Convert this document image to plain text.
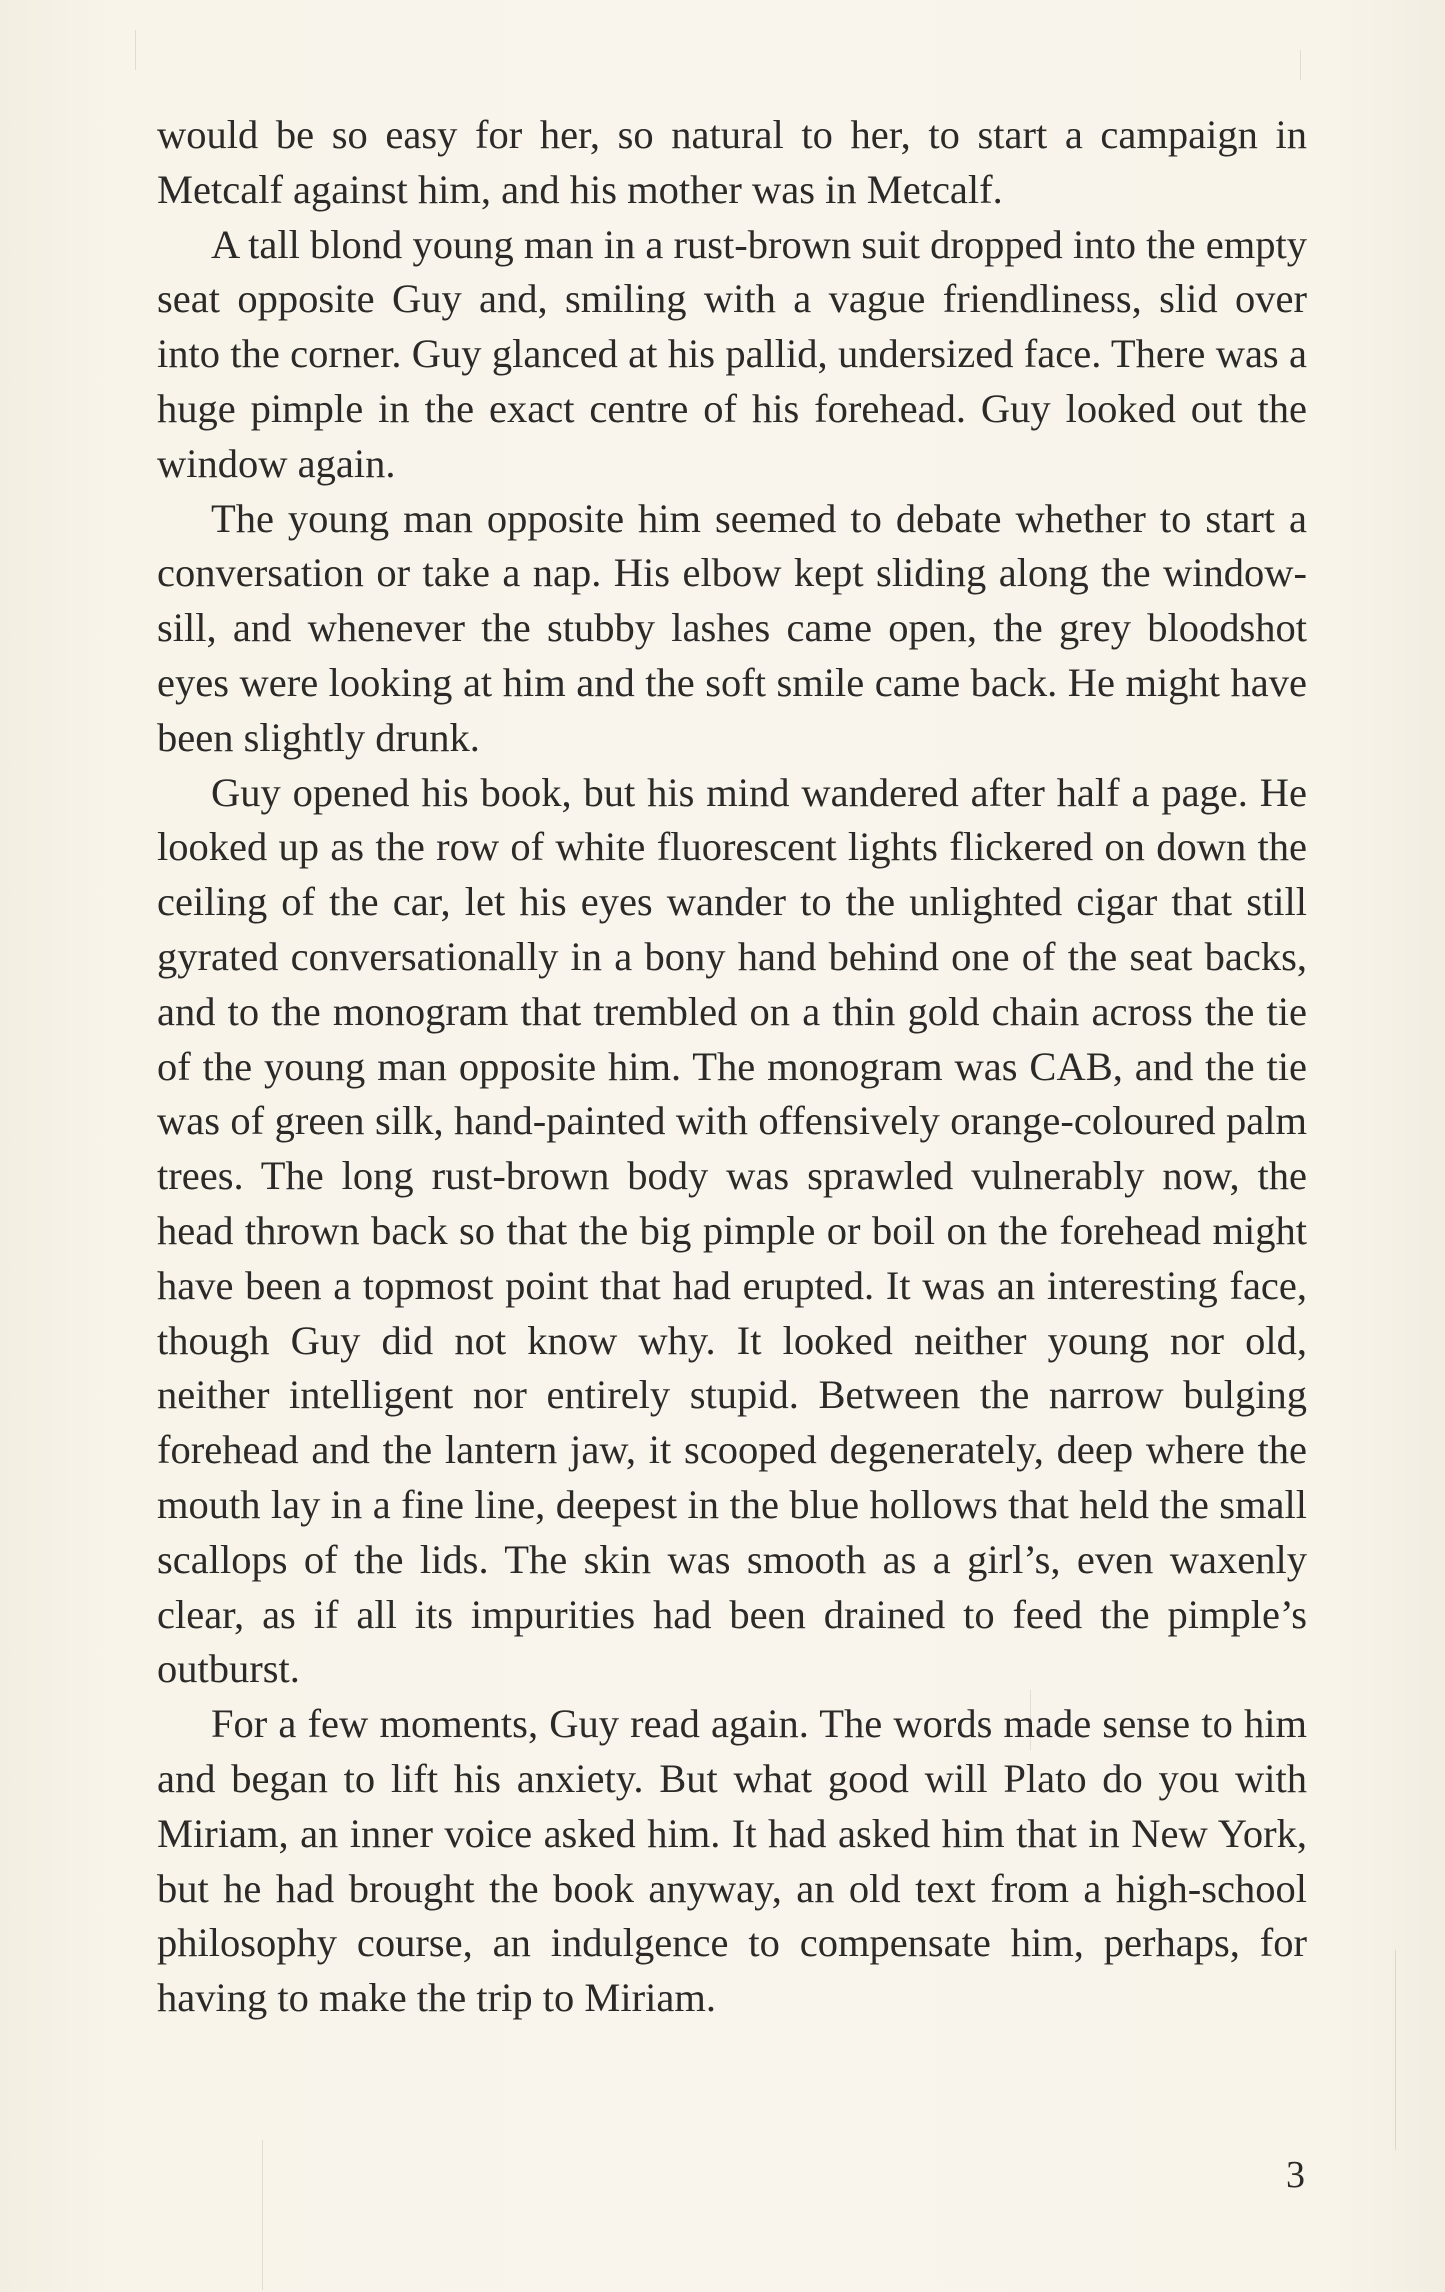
would be so easy for her, so natural to her, to start a campaign in Metcalf against him, and his mother was in Metcalf.

A tall blond young man in a rust-brown suit dropped into the empty seat opposite Guy and, smiling with a vague friendliness, slid over into the corner. Guy glanced at his pallid, undersized face. There was a huge pimple in the exact centre of his forehead. Guy looked out the window again.

The young man opposite him seemed to debate whether to start a conversation or take a nap. His elbow kept sliding along the window-sill, and whenever the stubby lashes came open, the grey bloodshot eyes were looking at him and the soft smile came back. He might have been slightly drunk.

Guy opened his book, but his mind wandered after half a page. He looked up as the row of white fluorescent lights flickered on down the ceiling of the car, let his eyes wander to the unlighted cigar that still gyrated conversationally in a bony hand behind one of the seat backs, and to the monogram that trembled on a thin gold chain across the tie of the young man opposite him. The monogram was CAB, and the tie was of green silk, hand-painted with offensively orange-coloured palm trees. The long rust-brown body was sprawled vulnerably now, the head thrown back so that the big pimple or boil on the forehead might have been a topmost point that had erupted. It was an interesting face, though Guy did not know why. It looked neither young nor old, neither intelligent nor entirely stupid. Between the narrow bulging forehead and the lantern jaw, it scooped degenerately, deep where the mouth lay in a fine line, deepest in the blue hollows that held the small scallops of the lids. The skin was smooth as a girl’s, even waxenly clear, as if all its impurities had been drained to feed the pimple’s outburst.

For a few moments, Guy read again. The words made sense to him and began to lift his anxiety. But what good will Plato do you with Miriam, an inner voice asked him. It had asked him that in New York, but he had brought the book anyway, an old text from a high-school philosophy course, an indulgence to compensate him, perhaps, for having to make the trip to Miriam.

3
